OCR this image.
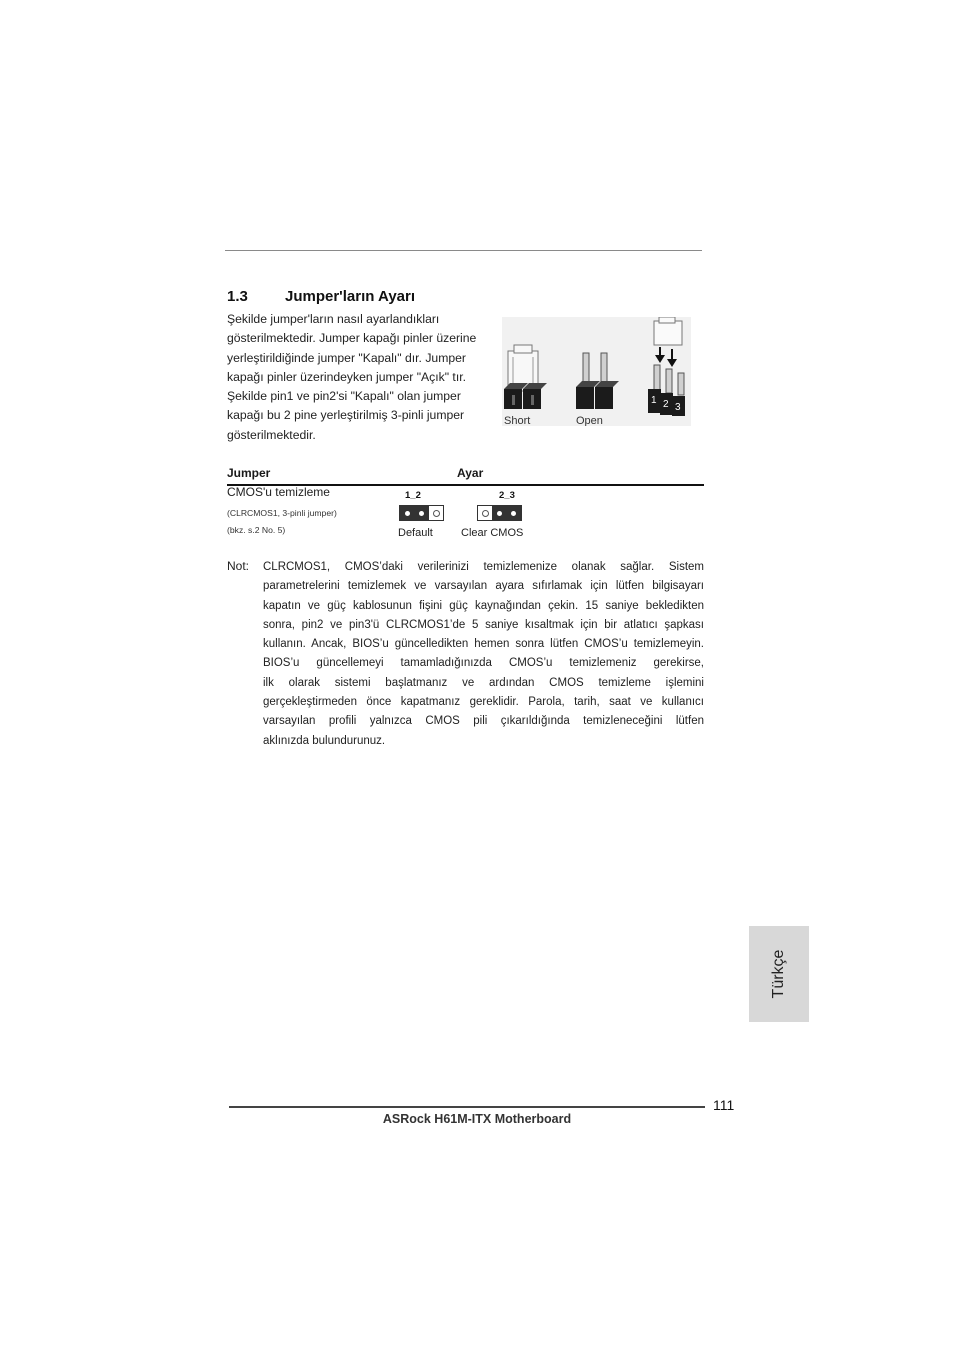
1.3 Jumper'ların Ayarı
Şekilde jumper'ların nasıl ayarlandıkları
gösterilmektedir. Jumper kapağı pinler üzerine
yerleştirildiğinde jumper "Kapalı" dır. Jumper
kapağı pinler üzerindeyken jumper "Açık" tır.
Şekilde pin1 ve pin2'si "Kapalı" olan jumper
kapağı bu 2 pine yerleştirilmiş 3-pinli jumper
gösterilmektedir.
Short	Open
1 2 3
Jumper	Ayar
CMOS'u temizleme
(CLRCMOS1, 3-pinli jumper)
(bkz. s.2 No. 5)
1_2
Default
2_3
Clear CMOS
Not: CLRCMOS1, CMOS’daki verilerinizi temizlemenize olanak sağlar. Sistem
parametrelerini temizlemek ve varsayılan ayara sıfırlamak için lütfen bilgisayarı
kapatın ve güç kablosunun fişini güç kaynağından çekin. 15 saniye bekledikten
sonra, pin2 ve pin3'ü CLRCMOS1’de 5 saniye kısaltmak için bir atlatıcı şapkası
kullanın. Ancak, BIOS’u güncelledikten hemen sonra lütfen CMOS’u temizlemeyin.
BIOS’u güncellemeyi tamamladığınızda CMOS’u temizlemeniz gerekirse,
ilk olarak sistemi başlatmanız ve ardından CMOS temizleme işlemini
gerçekleştirmeden önce kapatmanız gereklidir. Parola, tarih, saat ve kullanıcı
varsayılan profili yalnızca CMOS pili çıkarıldığında temizleneceğini lütfen
aklınızda bulundurunuz.
Türkçe
111
ASRock H61M-ITX Motherboard
